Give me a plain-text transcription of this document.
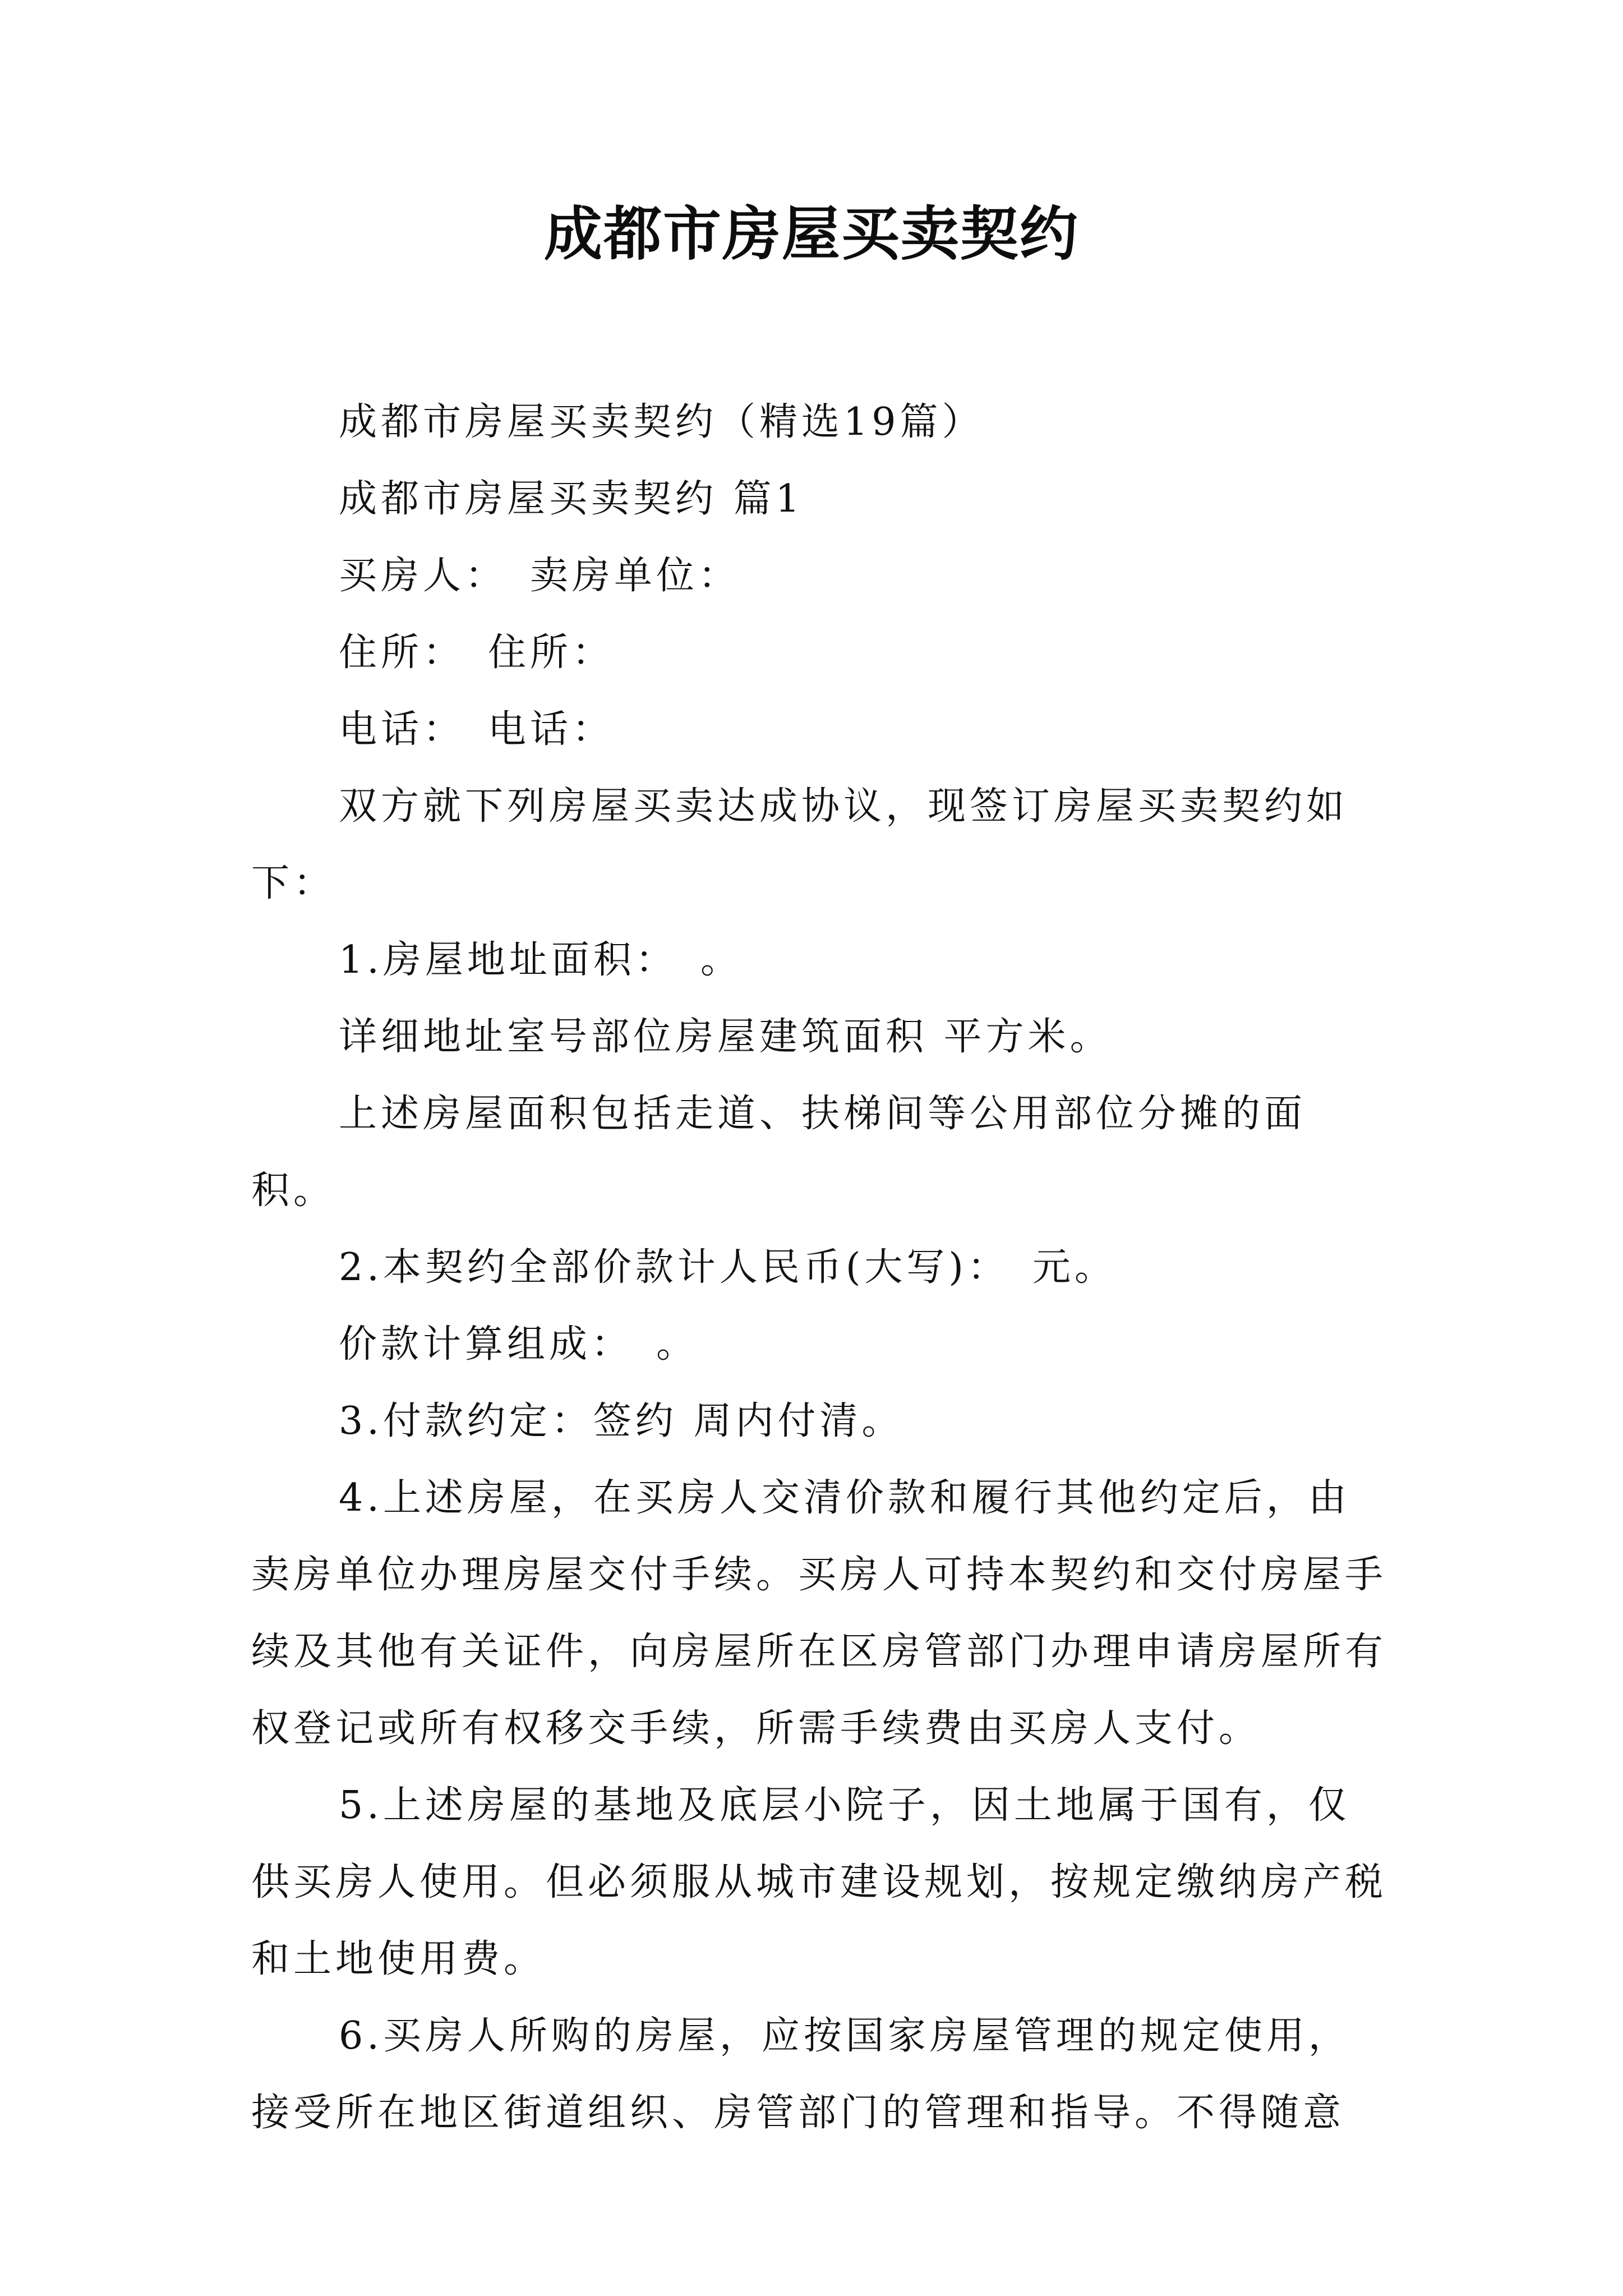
成都市房屋买卖契约

成都市房屋买卖契约（精选19篇）

成都市房屋买卖契约 篇1

买房人：　卖房单位：

住所：　住所：

电话：　电话：

双方就下列房屋买卖达成协议，现签订房屋买卖契约如下：

1.房屋地址面积：　。

详细地址室号部位房屋建筑面积 平方米。

上述房屋面积包括走道、扶梯间等公用部位分摊的面积。

2.本契约全部价款计人民币(大写)：　元。

价款计算组成：　。

3.付款约定：签约 周内付清。

4.上述房屋，在买房人交清价款和履行其他约定后，由卖房单位办理房屋交付手续。买房人可持本契约和交付房屋手续及其他有关证件，向房屋所在区房管部门办理申请房屋所有权登记或所有权移交手续，所需手续费由买房人支付。

5.上述房屋的基地及底层小院子，因土地属于国有，仅供买房人使用。但必须服从城市建设规划，按规定缴纳房产税和土地使用费。

6.买房人所购的房屋，应按国家房屋管理的规定使用，接受所在地区街道组织、房管部门的管理和指导。不得随意
